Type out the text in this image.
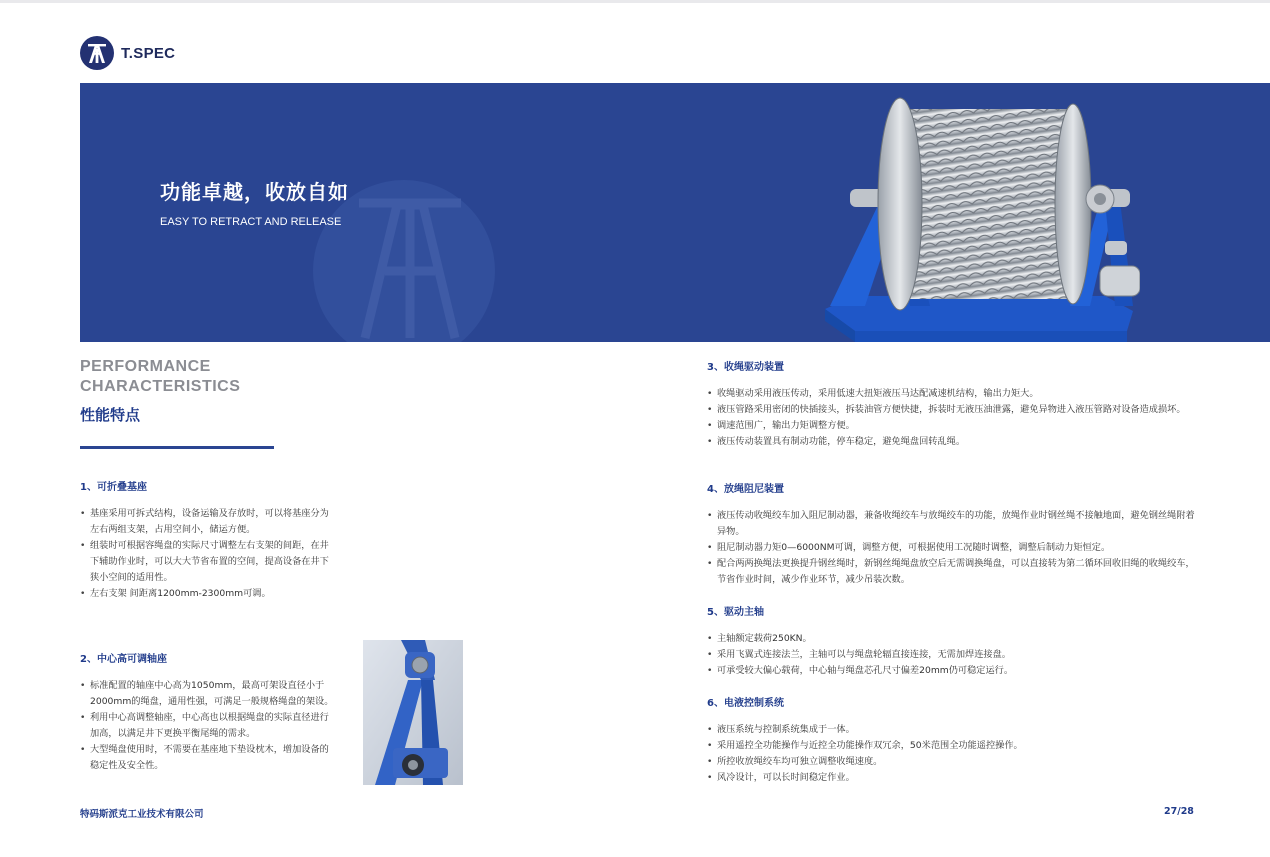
T.SPEC
功能卓越，收放自如
EASY TO RETRACT AND RELEASE
PERFORMANCE
CHARACTERISTICS
性能特点
1、可折叠基座
• 基座采用可拆式结构，设备运输及存放时，可以将基座分为左右两组支架，占用空间小，储运方便。
• 组装时可根据容绳盘的实际尺寸调整左右支架的间距，在井下辅助作业时，可以大大节省布置的空间，提高设备在井下狭小空间的适用性。
• 左右支架 间距离1200mm-2300mm可调。
2、中心高可调轴座
• 标准配置的轴座中心高为1050mm，最高可架设直径小于2000mm的绳盘，通用性强，可满足一般规格绳盘的架设。
• 利用中心高调整轴座，中心高也以根据绳盘的实际直径进行加高，以满足井下更换平衡尾绳的需求。
• 大型绳盘使用时，不需要在基座地下垫设枕木，增加设备的稳定性及安全性。
3、收绳驱动装置
• 收绳驱动采用液压传动，采用低速大扭矩液压马达配减速机结构，输出力矩大。
• 液压管路采用密闭的快插接头，拆装油管方便快捷，拆装时无液压油泄露，避免异物进入液压管路对设备造成损坏。
• 调速范围广，输出力矩调整方便。
• 液压传动装置具有制动功能，停车稳定，避免绳盘回转乱绳。
4、放绳阻尼装置
• 液压传动收绳绞车加入阻尼制动器，兼备收绳绞车与放绳绞车的功能，放绳作业时钢丝绳不接触地面，避免钢丝绳附着异物。
• 阻尼制动器力矩0—6000NM可调，调整方便，可根据使用工况随时调整，调整后制动力矩恒定。
• 配合两两换绳法更换提升钢丝绳时，新钢丝绳绳盘放空后无需调换绳盘，可以直接转为第二循环回收旧绳的收绳绞车，节省作业时间，减少作业环节，减少吊装次数。
5、驱动主轴
• 主轴额定载荷250KN。
• 采用飞翼式连接法兰，主轴可以与绳盘轮辐直接连接，无需加焊连接盘。
• 可承受较大偏心载荷，中心轴与绳盘芯孔尺寸偏差20mm仍可稳定运行。
6、电液控制系统
• 液压系统与控制系统集成于一体。
• 采用遥控全功能操作与近控全功能操作双冗余，50米范围全功能遥控操作。
• 所控收放绳绞车均可独立调整收绳速度。
• 风冷设计，可以长时间稳定作业。
特码斯派克工业技术有限公司	27/28
